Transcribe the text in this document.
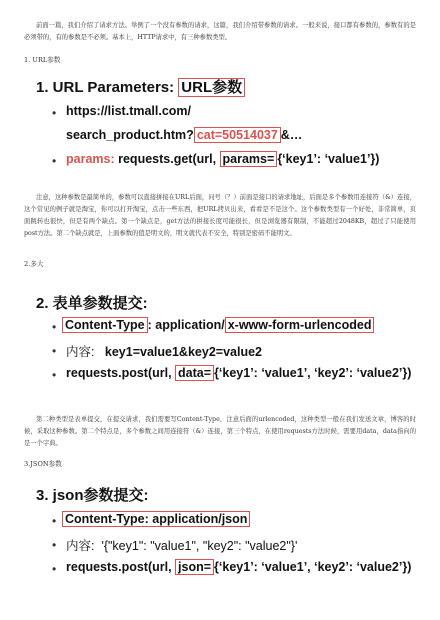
前面一篇，我们介绍了请求方法。举例了一个没有参数的请求，这篇，我们介绍带参数的请求。一般来说，接口都有参数的，参数有的是必须带的，有的参数是不必须。基本上，HTTP请求中，有三种参数类型。
1. URL参数
1. URL Parameters: URL参数
• https://list.tmall.com/
search_product.htm? cat=50514037 &…
• params: requests.get(url, params= {‘key1’: ‘value1’})
注意，这种参数是最简单的，参数可以直接拼接在URL后面，问号（？）前面是接口的请求地址，后面是多个参数用连接符（&）连接，这个常见的例子就是淘宝，你可以打开淘宝，点击一些东西，把URL拷贝出来，看看是不是这个。这个参数类型有一个好处，非常简单，页面跳转也很快，但是有两个缺点。第一个缺点是，get方法的拼接长度可能很长，但是浏览器有限制，不能超过2048KB，超过了只能使用post方法。第二个缺点就是，上面参数的值是明文的，明文就代表不安全，特别是密码不能明文。
2.多大
2. 表单参数提交:
• Content-Type : application/ x-www-form-urlencoded
• 内容: key1=value1&key2=value2
• requests.post(url, data= {‘key1’: ‘value1’, ‘key2’: ‘value2’})
第二种类型是表单提交，在提交请求，我们需要写Content-Type，注意后面的urlencoded，这种类型一般在我们发送文章，博客的时候，采取这种参数。第二个特点是，多个参数之间用连接符（&）连接，第三个特点，在使用requests方法时候，需要用data，data指向的是一个字典。
3.JSON参数
3. json参数提交:
• Content-Type: application/json
• 内容: '{"key1": "value1", "key2": "value2"}'
• requests.post(url, json= {‘key1’: ‘value1’, ‘key2’: ‘value2’})
